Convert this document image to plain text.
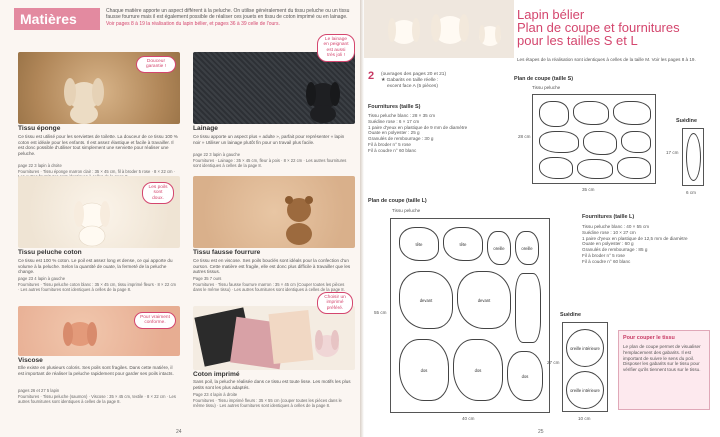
Matières	Chaque matière apporte un aspect différent à la peluche. On utilise généralement du tissu peluche ou un tissu fausse fourrure mais il est également possible de réaliser ces jouets en tissu de coton imprimé ou en lainage.
Voir pages 8 à 19 la réalisation du lapin bélier, et pages 36 à 39 celle de l'ours.
Douceur garantie !
Tissu éponge
Ce tissu est utilisé pour les serviettes de toilette. La douceur de ce tissu 100 % coton est idéale pour les enfants. Il est assez élastique et facile à travailler. Il est donc possible d'utiliser tout simplement une serviette pour réaliser une peluche.
page 22 3 lapin à droite
Fournitures · Tissu éponge marron clair : 35 × 45 cm, fil à broder 5 rose · 8 × 22 cm ·
Le lainage en peignant est aussi très joli !
Lainage
Ce tissu apporte un aspect plus « adulte », parfait pour représenter « lapin noir » Utiliser un lainage plutôt fin pour un travail plus facile.
page 22 3 lapin à gauche
Fournitures · Lainage : 35 × 45 cm, fleur à pois · 8 × 22 cm · Les autres fournitures sont identiques à celles de la page 8.
Les poils sont doux.
Tissu peluche coton
Ce tissu est 100 % coton. Le poil est assez long et dense, ce qui apporte du volume à la peluche. Selon la quantité de ouate, la fermeté de la peluche change.
page 23 4 lapin à gauche
Fournitures · Tissu peluche coton blanc : 35 × 45 cm, tissu imprimé fleurs · 8 × 22 cm · Les autres fournitures sont identiques à celles de la page 8.
Tissu fausse fourrure
Ce tissu est en viscose. Ses poils bouclés sont idéals pour la confection d'un ourson. Cette matière est fragile, elle est donc plus difficile à travailler que les autres tissus.
Page 35 7 ours
Fournitures · Tissu fausse fourrure marron : 35 × 45 cm (Couper toutes les pièces dans le même tissu) · Les autres fournitures sont identiques à celles de la page 8.
Pour vraiment conforme.
Viscose
Elle existe en plusieurs coloris. Ses poils sont fragiles. Dans cette matière, il est important de réaliser la peluche rapidement pour garder ses poils intacts.
pages 26 et 27 5 lapin
Fournitures · Tissu peluche (saumon) · Viscose : 35 × 45 cm, textile · 8 × 22 cm · Les autres fournitures sont identiques à celles de la page 8.
Choisir un imprimé préféré.
Coton imprimé
Sans poil, la peluche réalisée dans ce tissu est toute lisse. Les motifs les plus petits sont les plus adaptés.
Page 23 4 lapin à droite
Fournitures · Tissu imprimé fleurs : 35 × 55 cm (couper toutes les pièces dans le même tissu) · Les autres fournitures sont identiques à celles de la page 8.
24
Lapin bélier
Plan de coupe et fournitures
pour les tailles S et L
Les étapes de la réalisation sont identiques à celles de la taille M. Voir les pages 8 à 19.
2	(ouvrages des pages 20 et 21)
★ Gabarits en taille réelle :
excent face A (5 pièces)
Fournitures (taille S)
Tissu peluche blanc : 28 × 35 cm
Suédine rose : 6 × 17 cm
1 paire d'yeux en plastique de 9 mm de diamètre
Ouate en polyester : 25 g
Granulés de rembourrage : 30 g
Fil à broder n° 5 rose
Fil à coudre n° 60 blanc
Plan de coupe (taille S)
Tissu peluche
35 cm
28 cm
Suédine
17 cm
6 cm
Plan de coupe (taille L)
Tissu peluche
tête	tête
oreille	oreille
devant	devant
dos	dos
dos
40 cm
55 cm
Fournitures (taille L)
Tissu peluche blanc : 40 × 55 cm
Suédine rose : 10 × 27 cm
1 paire d'yeux en plastique de 12,5 mm de diamètre
Ouate en polyester : 60 g
Granulés de rembourrage : 85 g
Fil à broder n° 5 rose
Fil à coudre n° 60 blanc
Suédine
oreille intérieure
oreille intérieure
27 cm
10 cm
Pour couper le tissu
Le plan de coupe permet de visualiser l'emplacement des gabarits. Il est important de suivre le sens du poil. Disposer les gabarits sur le tissu pour vérifier qu'ils tiennent tous sur le tissu.
25
